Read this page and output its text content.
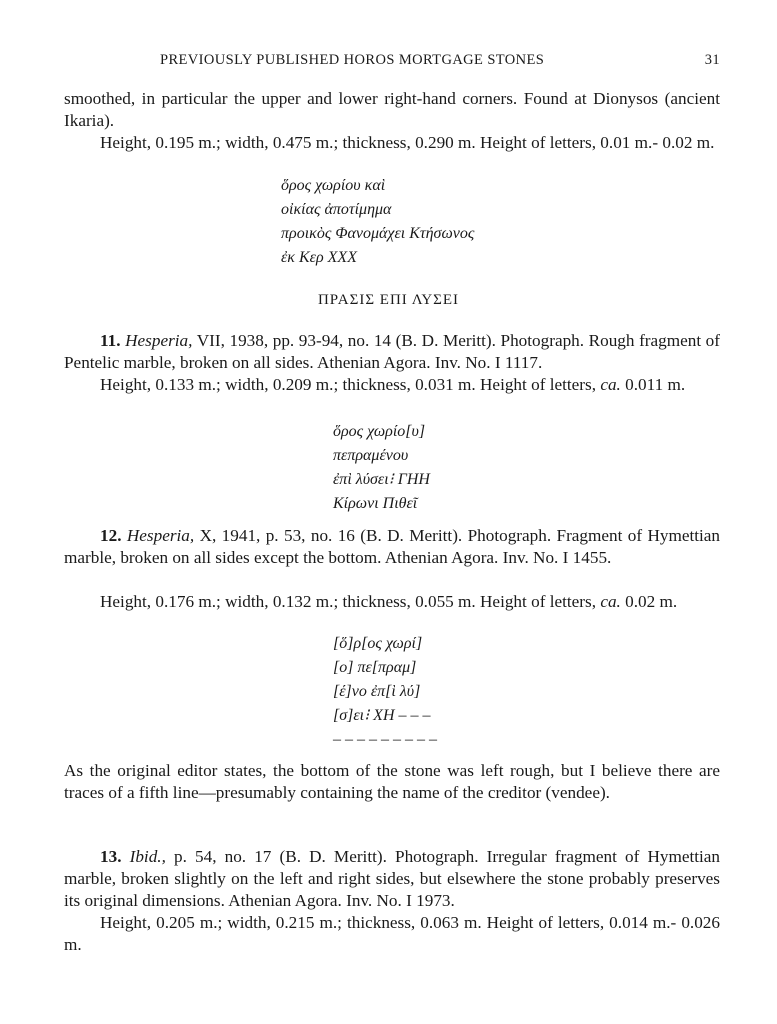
PREVIOUSLY PUBLISHED HOROS MORTGAGE STONES	31
smoothed, in particular the upper and lower right-hand corners. Found at Dionysos (ancient Ikaria).
Height, 0.195 m.; width, 0.475 m.; thickness, 0.290 m. Height of letters, 0.01 m.- 0.02 m.
ὅρος χωρίου καὶ
οἰκίας ἀποτίμημα
προικὸς Φανομάχει Κτήσωνος
ἐκ Κερ ΧΧΧ
ΠΡΑΣΙΣ ΕΠΙ ΛΥΣΕΙ
11. Hesperia, VII, 1938, pp. 93-94, no. 14 (B. D. Meritt). Photograph. Rough fragment of Pentelic marble, broken on all sides. Athenian Agora. Inv. No. I 1117.
Height, 0.133 m.; width, 0.209 m.; thickness, 0.031 m. Height of letters, ca. 0.011 m.
ὅρος χωρίο[υ]
πεπραμένου
ἐπὶ λύσει⁝ ΓΗΗ
Κίρωνι Πιθεῖ
12. Hesperia, X, 1941, p. 53, no. 16 (B. D. Meritt). Photograph. Fragment of Hymettian marble, broken on all sides except the bottom. Athenian Agora. Inv. No. I 1455.
Height, 0.176 m.; width, 0.132 m.; thickness, 0.055 m. Height of letters, ca. 0.02 m.
[ὅ]ρ[ος χωρί]
[ο] πε[πραμ]
[έ]νο ἐπ[ὶ λύ]
[σ]ει⁝ ΧΗ – – –
– – – – – – – – –
As the original editor states, the bottom of the stone was left rough, but I believe there are traces of a fifth line—presumably containing the name of the creditor (vendee).
13. Ibid., p. 54, no. 17 (B. D. Meritt). Photograph. Irregular fragment of Hymettian marble, broken slightly on the left and right sides, but elsewhere the stone probably preserves its original dimensions. Athenian Agora. Inv. No. I 1973.
Height, 0.205 m.; width, 0.215 m.; thickness, 0.063 m. Height of letters, 0.014 m.- 0.026 m.
